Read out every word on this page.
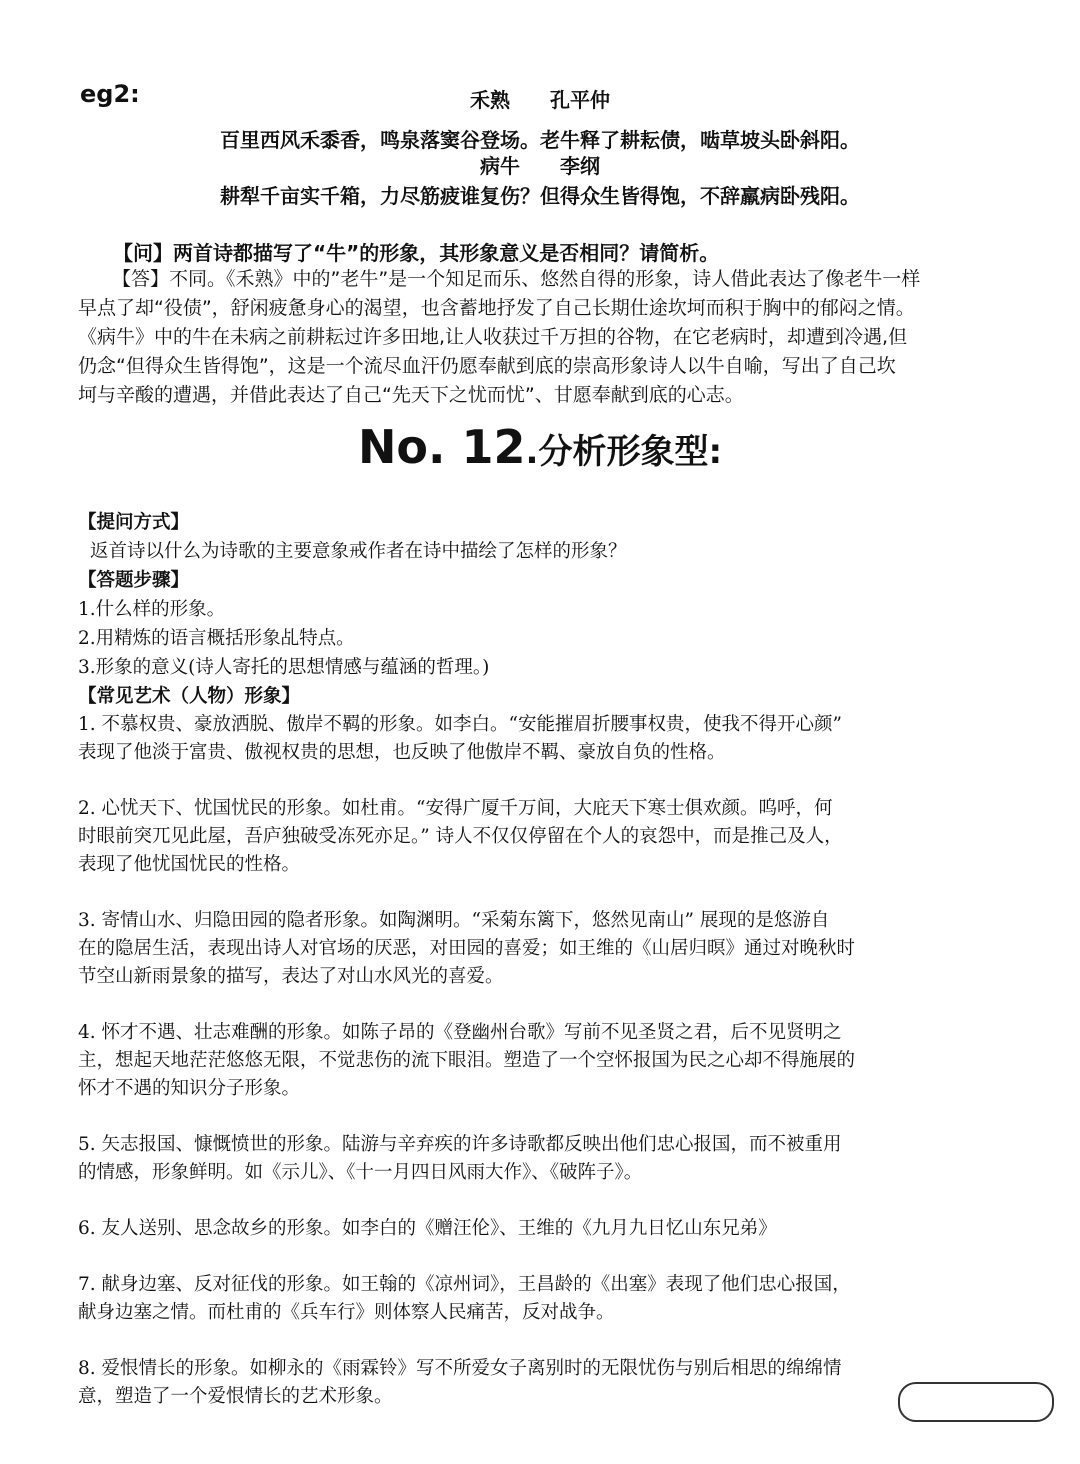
eg2:	禾熟 孔平仲
百里西风禾黍香，鸣泉落窦谷登场。老牛释了耕耘债，啮草坡头卧斜阳。
病牛 李纲
耕犁千亩实千箱，力尽筋疲谁复伤？但得众生皆得饱，不辞羸病卧残阳。
【问】两首诗都描写了“牛”的形象，其形象意义是否相同？请简析。
【答】不同。《禾熟》中的”老牛”是一个知足而乐、悠然自得的形象，诗人借此表达了像老牛一样
早点了却“役债”，舒闲疲惫身心的渴望，也含蓄地抒发了自己长期仕途坎坷而积于胸中的郁闷之情。
《病牛》中的牛在未病之前耕耘过许多田地,让人收获过千万担的谷物，在它老病时，却遭到冷遇,但
仍念“但得众生皆得饱”，这是一个流尽血汗仍愿奉献到底的崇高形象诗人以牛自喻，写出了自己坎
坷与辛酸的遭遇，并借此表达了自己“先天下之忧而忧”、甘愿奉献到底的心志。
No. 12.分析形象型:
【提问方式】
返首诗以什么为诗歌的主要意象戒作者在诗中描绘了怎样的形象？
【答题步骤】
1.什么样的形象。
2.用精炼的语言概括形象乩特点。
3.形象的意义(诗人寄托的思想情感与蕴涵的哲理。)
【常见艺术（人物）形象】
1. 不慕权贵、豪放洒脱、傲岸不羁的形象。如李白。“安能摧眉折腰事权贵，使我不得开心颜”
表现了他淡于富贵、傲视权贵的思想，也反映了他傲岸不羁、豪放自负的性格。
2. 心忧天下、忧国忧民的形象。如杜甫。“安得广厦千万间，大庇天下寒士俱欢颜。呜呼，何
时眼前突兀见此屋，吾庐独破受冻死亦足。” 诗人不仅仅停留在个人的哀怨中，而是推己及人，
表现了他忧国忧民的性格。
3. 寄情山水、归隐田园的隐者形象。如陶渊明。“采菊东篱下，悠然见南山” 展现的是悠游自
在的隐居生活，表现出诗人对官场的厌恶，对田园的喜爱；如王维的《山居归暝》通过对晚秋时
节空山新雨景象的描写，表达了对山水风光的喜爱。
4. 怀才不遇、壮志难酬的形象。如陈子昂的《登幽州台歌》写前不见圣贤之君，后不见贤明之
主，想起天地茫茫悠悠无限，不觉悲伤的流下眼泪。塑造了一个空怀报国为民之心却不得施展的
怀才不遇的知识分子形象。
5. 矢志报国、慷慨愤世的形象。陆游与辛弃疾的许多诗歌都反映出他们忠心报国，而不被重用
的情感，形象鲜明。如《示儿》、《十一月四日风雨大作》、《破阵子》。
6. 友人送别、思念故乡的形象。如李白的《赠汪伦》、王维的《九月九日忆山东兄弟》
7. 献身边塞、反对征伐的形象。如王翰的《凉州词》，王昌龄的《出塞》表现了他们忠心报国，
献身边塞之情。而杜甫的《兵车行》则体察人民痛苦，反对战争。
8. 爱恨情长的形象。如柳永的《雨霖铃》写不所爱女子离别时的无限忧伤与别后相思的绵绵情
意，塑造了一个爱恨情长的艺术形象。
